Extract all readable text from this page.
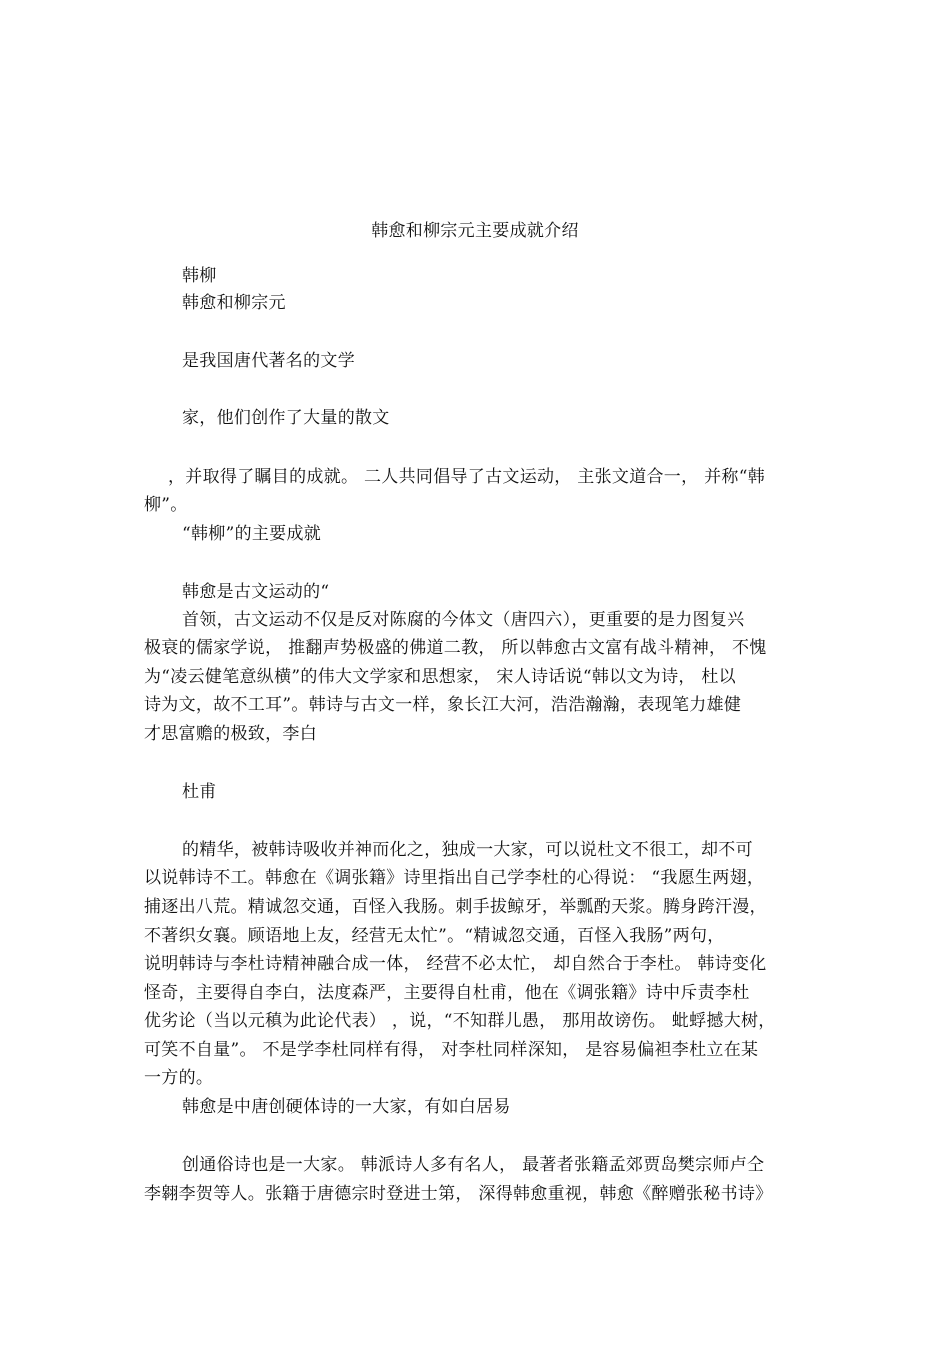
韩愈和柳宗元主要成就介绍
韩柳
韩愈和柳宗元
是我国唐代著名的文学
家，他们创作了大量的散文
，并取得了瞩目的成就。 二人共同倡导了古文运动， 主张文道合一， 并称“韩
柳”。
“韩柳”的主要成就
韩愈是古文运动的“
首领，古文运动不仅是反对陈腐的今体文（唐四六），更重要的是力图复兴
极衰的儒家学说， 推翻声势极盛的佛道二教， 所以韩愈古文富有战斗精神， 不愧
为“凌云健笔意纵横”的伟大文学家和思想家， 宋人诗话说“韩以文为诗， 杜以
诗为文，故不工耳”。韩诗与古文一样，象长江大河，浩浩瀚瀚，表现笔力雄健
才思富赡的极致，李白
杜甫
的精华，被韩诗吸收并神而化之，独成一大家，可以说杜文不很工，却不可
以说韩诗不工。韩愈在《调张籍》诗里指出自己学李杜的心得说： “我愿生两翅，
捕逐出八荒。精诚忽交通，百怪入我肠。刺手拔鲸牙，举瓢酌天浆。腾身跨汗漫，
不著织女襄。顾语地上友，经营无太忙”。“精诚忽交通，百怪入我肠”两句，
说明韩诗与李杜诗精神融合成一体， 经营不必太忙， 却自然合于李杜。 韩诗变化
怪奇，主要得自李白，法度森严，主要得自杜甫，他在《调张籍》诗中斥责李杜
优劣论（当以元稹为此论代表） ，说，“不知群儿愚， 那用故谤伤。 蚍蜉撼大树，
可笑不自量”。 不是学李杜同样有得， 对李杜同样深知， 是容易偏袒李杜立在某
一方的。
韩愈是中唐创硬体诗的一大家，有如白居易
创通俗诗也是一大家。 韩派诗人多有名人， 最著者张籍孟郊贾岛樊宗师卢仝
李翱李贺等人。张籍于唐德宗时登进士第， 深得韩愈重视，韩愈《醉赠张秘书诗》
